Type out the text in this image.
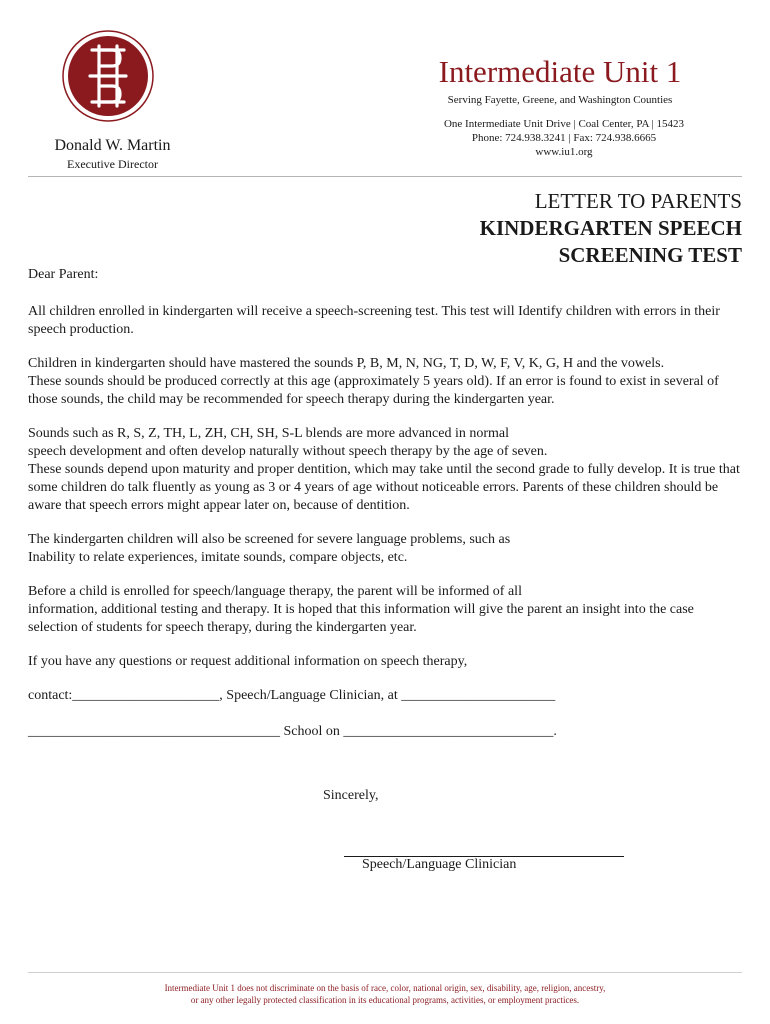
Intermediate Unit 1
Serving Fayette, Greene, and Washington Counties
One Intermediate Unit Drive | Coal Center, PA | 15423
Phone: 724.938.3241 | Fax: 724.938.6665
www.iu1.org
Donald W. Martin
Executive Director
LETTER TO PARENTS
KINDERGARTEN SPEECH
SCREENING TEST
Dear Parent:
All children enrolled in kindergarten will receive a speech-screening test. This test will Identify children with errors in their speech production.
Children in kindergarten should have mastered the sounds P, B, M, N, NG, T, D, W, F, V, K, G, H and the vowels.
These sounds should be produced correctly at this age (approximately 5 years old). If an error is found to exist in several of those sounds, the child may be recommended for speech therapy during the kindergarten year.
Sounds such as R, S, Z, TH, L, ZH, CH, SH, S-L blends are more advanced in normal
speech development and often develop naturally without speech therapy by the age of seven.
These sounds depend upon maturity and proper dentition, which may take until the second grade to fully develop. It is true that some children do talk fluently as young as 3 or 4 years of age without noticeable errors. Parents of these children should be aware that speech errors might appear later on, because of dentition.
The kindergarten children will also be screened for severe language problems, such as
Inability to relate experiences, imitate sounds, compare objects, etc.
Before a child is enrolled for speech/language therapy, the parent will be informed of all
information, additional testing and therapy. It is hoped that this information will give the parent an insight into the case selection of students for speech therapy, during the kindergarten year.
If you have any questions or request additional information on speech therapy,
contact:_____________________, Speech/Language Clinician, at ______________________
____________________________________ School on ______________________________.
Sincerely,
Speech/Language Clinician
Intermediate Unit 1 does not discriminate on the basis of race, color, national origin, sex, disability, age, religion, ancestry,
or any other legally protected classification in its educational programs, activities, or employment practices.
